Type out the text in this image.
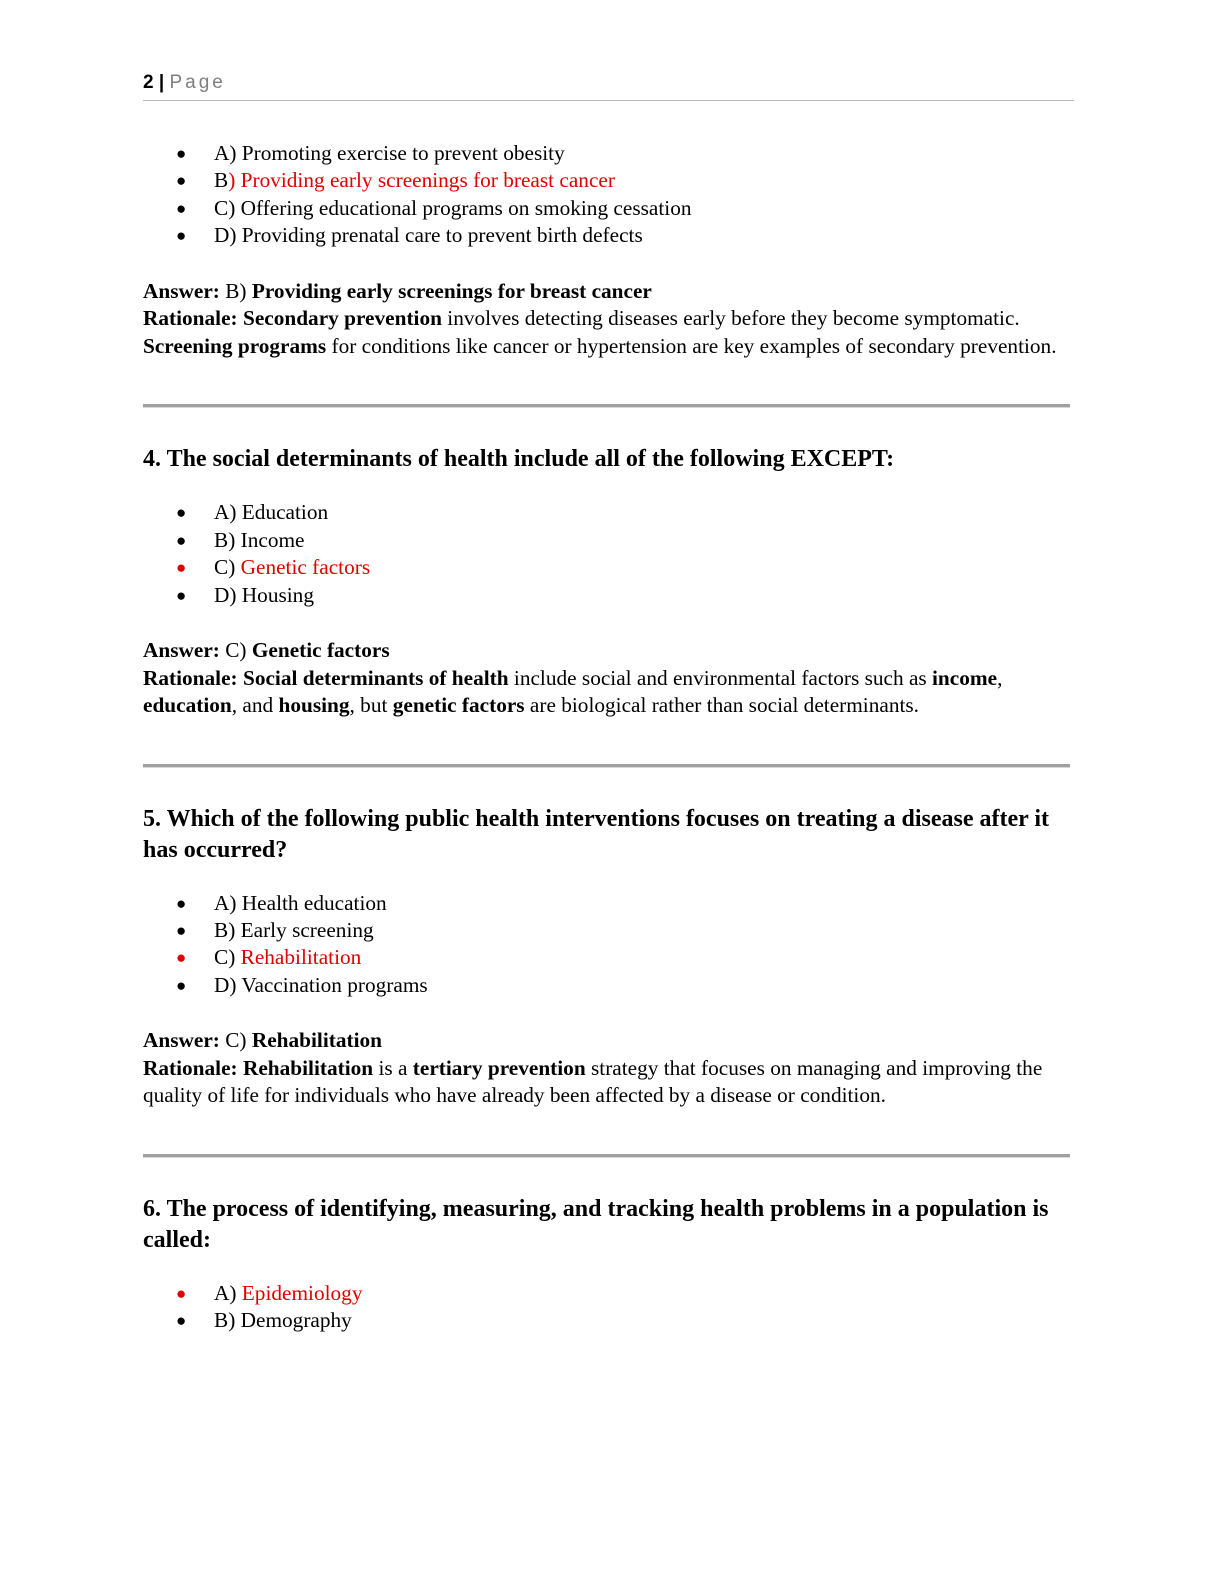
2 | Page
● A) Promoting exercise to prevent obesity
● B) Providing early screenings for breast cancer
● C) Offering educational programs on smoking cessation
● D) Providing prenatal care to prevent birth defects
Answer: B) Providing early screenings for breast cancer
Rationale: Secondary prevention involves detecting diseases early before they become symptomatic. Screening programs for conditions like cancer or hypertension are key examples of secondary prevention.
4. The social determinants of health include all of the following EXCEPT:
● A) Education
● B) Income
● C) Genetic factors
● D) Housing
Answer: C) Genetic factors
Rationale: Social determinants of health include social and environmental factors such as income, education, and housing, but genetic factors are biological rather than social determinants.
5. Which of the following public health interventions focuses on treating a disease after it has occurred?
● A) Health education
● B) Early screening
● C) Rehabilitation
● D) Vaccination programs
Answer: C) Rehabilitation
Rationale: Rehabilitation is a tertiary prevention strategy that focuses on managing and improving the quality of life for individuals who have already been affected by a disease or condition.
6. The process of identifying, measuring, and tracking health problems in a population is called:
● A) Epidemiology
● B) Demography
